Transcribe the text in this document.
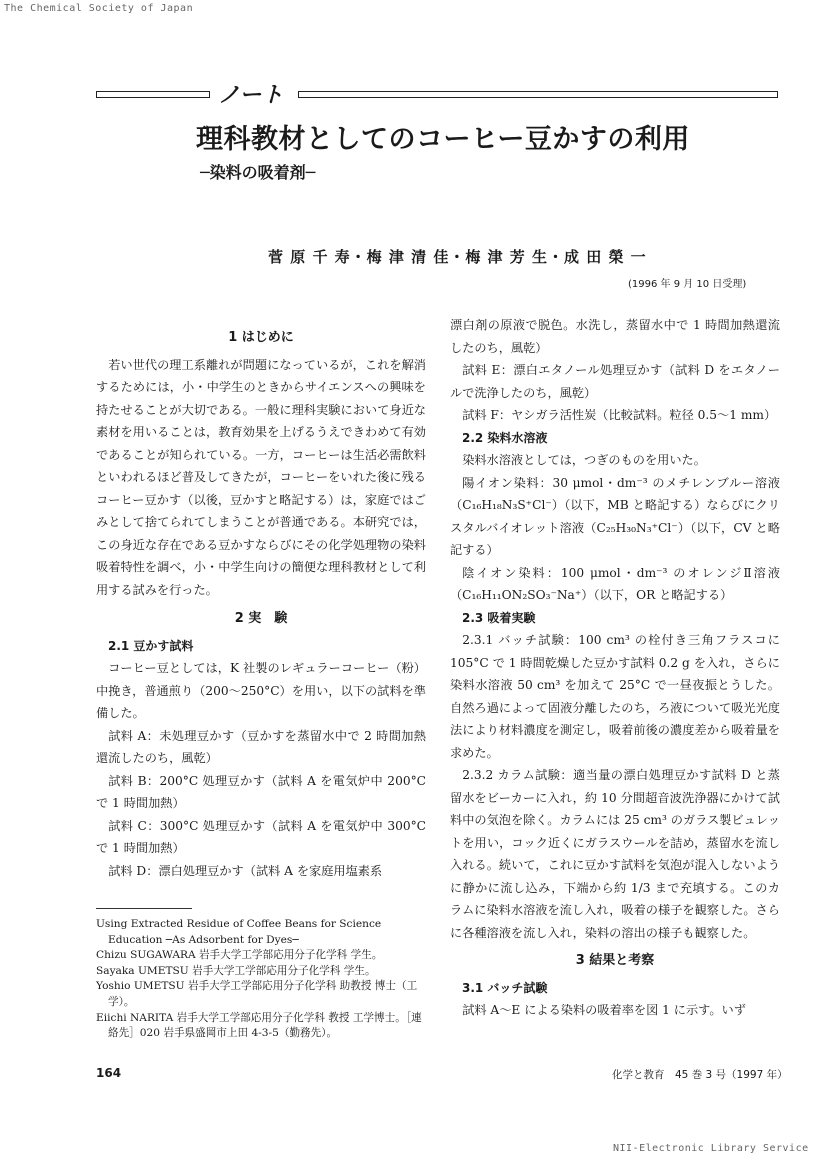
The Chemical Society of Japan
ノート
理科教材としてのコーヒー豆かすの利用
─染料の吸着剤─
菅 原 千 寿・梅 津 清 佳・梅 津 芳 生・成 田 榮 一
(1996 年 9 月 10 日受理)
1 はじめに

若い世代の理工系離れが問題になっているが，これを解消するためには，小・中学生のときからサイエンスへの興味を持たせることが大切である。一般に理科実験において身近な素材を用いることは，教育効果を上げるうえできわめて有効であることが知られている。一方，コーヒーは生活必需飲料といわれるほど普及してきたが，コーヒーをいれた後に残るコーヒー豆かす（以後，豆かすと略記する）は，家庭ではごみとして捨てられてしまうことが普通である。本研究では，この身近な存在である豆かすならびにその化学処理物の染料吸着特性を調べ，小・中学生向けの簡便な理科教材として利用する試みを行った。

2 実　験
2.1 豆かす試料

コーヒー豆としては，K 社製のレギュラーコーヒー（粉）中挽き，普通煎り（200～250°C）を用い，以下の試料を準備した。

試料 A：未処理豆かす（豆かすを蒸留水中で 2 時間加熱還流したのち，風乾）

試料 B：200°C 処理豆かす（試料 A を電気炉中 200°C で 1 時間加熱）

試料 C：300°C 処理豆かす（試料 A を電気炉中 300°C で 1 時間加熱）

試料 D：漂白処理豆かす（試料 A を家庭用塩素系

Using Extracted Residue of Coffee Beans for Science Education ─As Adsorbent for Dyes─
Chizu SUGAWARA 岩手大学工学部応用分子化学科 学生。
Sayaka UMETSU 岩手大学工学部応用分子化学科 学生。
Yoshio UMETSU 岩手大学工学部応用分子化学科 助教授 博士（工学）。
Eiichi NARITA 岩手大学工学部応用分子化学科 教授 工学博士。［連絡先］020 岩手県盛岡市上田 4-3-5（勤務先）。

漂白剤の原液で脱色。水洗し，蒸留水中で 1 時間加熱還流したのち，風乾）

試料 E：漂白エタノール処理豆かす（試料 D をエタノールで洗浄したのち，風乾）

試料 F：ヤシガラ活性炭（比較試料。粒径 0.5～1 mm）

2.2 染料水溶液

染料水溶液としては，つぎのものを用いた。

陽イオン染料：30 μmol・dm⁻³ のメチレンブルー溶液（C₁₆H₁₈N₃S⁺Cl⁻）（以下，MB と略記する）ならびにクリスタルバイオレット溶液（C₂₅H₃₀N₃⁺Cl⁻）（以下，CV と略記する）

陰イオン染料：100 μmol・dm⁻³ のオレンジⅡ溶液（C₁₆H₁₁ON₂SO₃⁻Na⁺）（以下，OR と略記する）

2.3 吸着実験

2.3.1 バッチ試験：100 cm³ の栓付き三角フラスコに 105°C で 1 時間乾燥した豆かす試料 0.2 g を入れ，さらに染料水溶液 50 cm³ を加えて 25°C で一昼夜振とうした。自然ろ過によって固液分離したのち，ろ液について吸光光度法により材料濃度を測定し，吸着前後の濃度差から吸着量を求めた。

2.3.2 カラム試験：適当量の漂白処理豆かす試料 D と蒸留水をビーカーに入れ，約 10 分間超音波洗浄器にかけて試料中の気泡を除く。カラムには 25 cm³ のガラス製ビュレットを用い，コック近くにガラスウールを詰め，蒸留水を流し入れる。続いて，これに豆かす試料を気泡が混入しないように静かに流し込み，下端から約 1/3 まで充填する。このカラムに染料水溶液を流し入れ，吸着の様子を観察した。さらに各種溶液を流し入れ，染料の溶出の様子も観察した。

3 結果と考察
3.1 バッチ試験

試料 A～E による染料の吸着率を図 1 に示す。いず

164	化学と教育　45 巻 3 号（1997 年）
NII-Electronic Library Service
